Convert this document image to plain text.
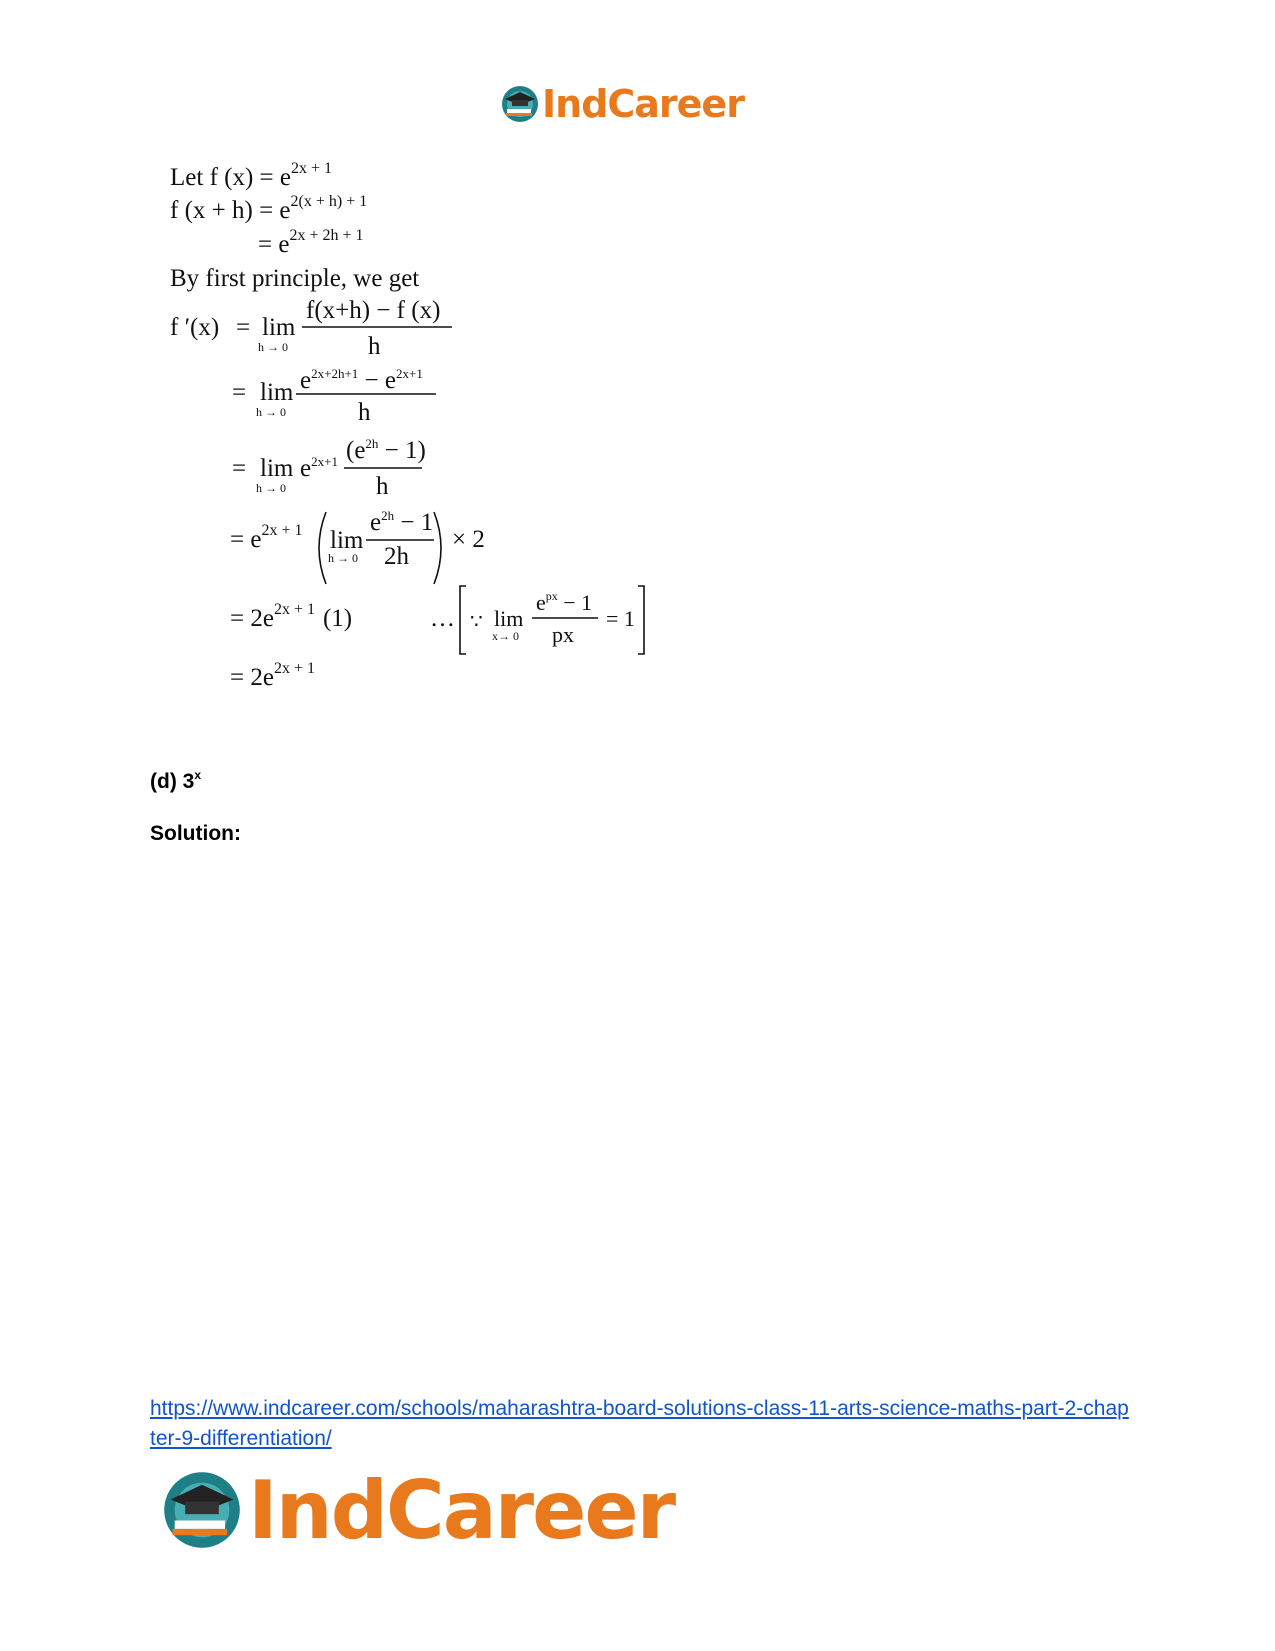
IndCareer
Let f $(x) = e^{2x + 1}$
f $(x + h) = e^{2(x + h) + 1}$
= $e^{2x + 2h + 1}$
By first principle, we get
f ′(x) = lim
h → 0
f(x+h) − f (x)
h
= lim
h → 0
$e^{2x+2h+1} - e^{2x+1}$
h
= lim
h → 0
$e^{2x+1}$ $(e^{2h} - 1)$
h
= $e^{2x + 1}$ lim
h → 0
$e^{2h} - 1$
2h
× 2
= $2e^{2x + 1}$ (1)	… ∵ lim
x→ 0
$e^{px} - 1$
px
= 1
= $2e^{2x + 1}$
(d) 3$^x$
Solution:
https://www.indcareer.com/schools/maharashtra-board-solutions-class-11-arts-science-maths-part-2-chapter-9-differentiation/
IndCareer
